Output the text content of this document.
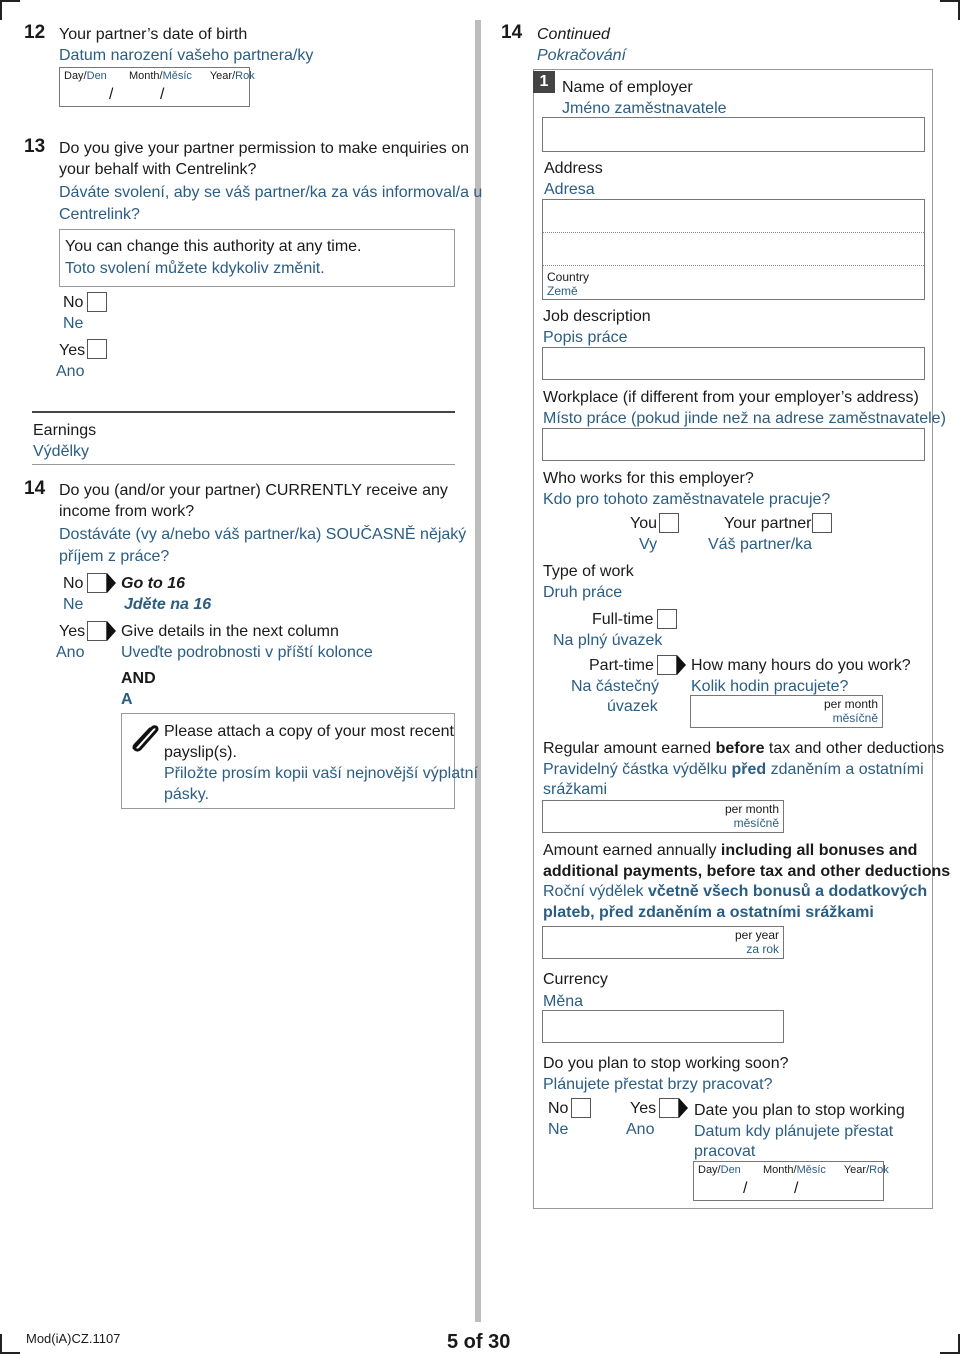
12 Your partner’s date of birth
Datum narození vašeho partnera/ky
Day/Den Month/Měsíc Year/Rok
/	/
13 Do you give your partner permission to make enquiries on
your behalf with Centrelink?
Dáváte svolení, aby se váš partner/ka za vás informoval/a u
Centrelink?
You can change this authority at any time.
Toto svolení můžete kdykoliv změnit.
No
Ne
Yes
Ano
Earnings
Výdělky
14 Do you (and/or your partner) CURRENTLY receive any
income from work?
Dostáváte (vy a/nebo váš partner/ka) SOUČASNĚ nějaký
příjem z práce?
No
Ne
Go to 16
Jděte na 16
Yes
Ano
Give details in the next column
Uveďte podrobnosti v příští kolonce
AND
A
Please attach a copy of your most recent
payslip(s).
Přiložte prosím kopii vaší nejnovější výplatní
pásky.
14 Continued
Pokračování
1 Name of employer
Jméno zaměstnavatele
Address
Adresa
Country
Země
Job description
Popis práce
Workplace (if different from your employer’s address)
Místo práce (pokud jinde než na adrese zaměstnavatele)
Who works for this employer?
Kdo pro tohoto zaměstnavatele pracuje?
You
Vy
Your partner
Váš partner/ka
Type of work
Druh práce
Full-time
Na plný úvazek
Part-time
Na částečný
úvazek
How many hours do you work?
Kolik hodin pracujete?
per month
měsíčně
Regular amount earned before tax and other deductions
Pravidelný částka výdělku před zdaněním a ostatními
srážkami
per month
měsíčně
Amount earned annually including all bonuses and
additional payments, before tax and other deductions
Roční výdělek včetně všech bonusů a dodatkových
plateb, před zdaněním a ostatními srážkami
per year
za rok
Currency
Měna
Do you plan to stop working soon?
Plánujete přestat brzy pracovat?
No
Ne
Yes
Ano
Date you plan to stop working
Datum kdy plánujete přestat
pracovat
Day/Den Month/Měsíc Year/Rok
/	/
Mod(iA)CZ.1107	5 of 30
